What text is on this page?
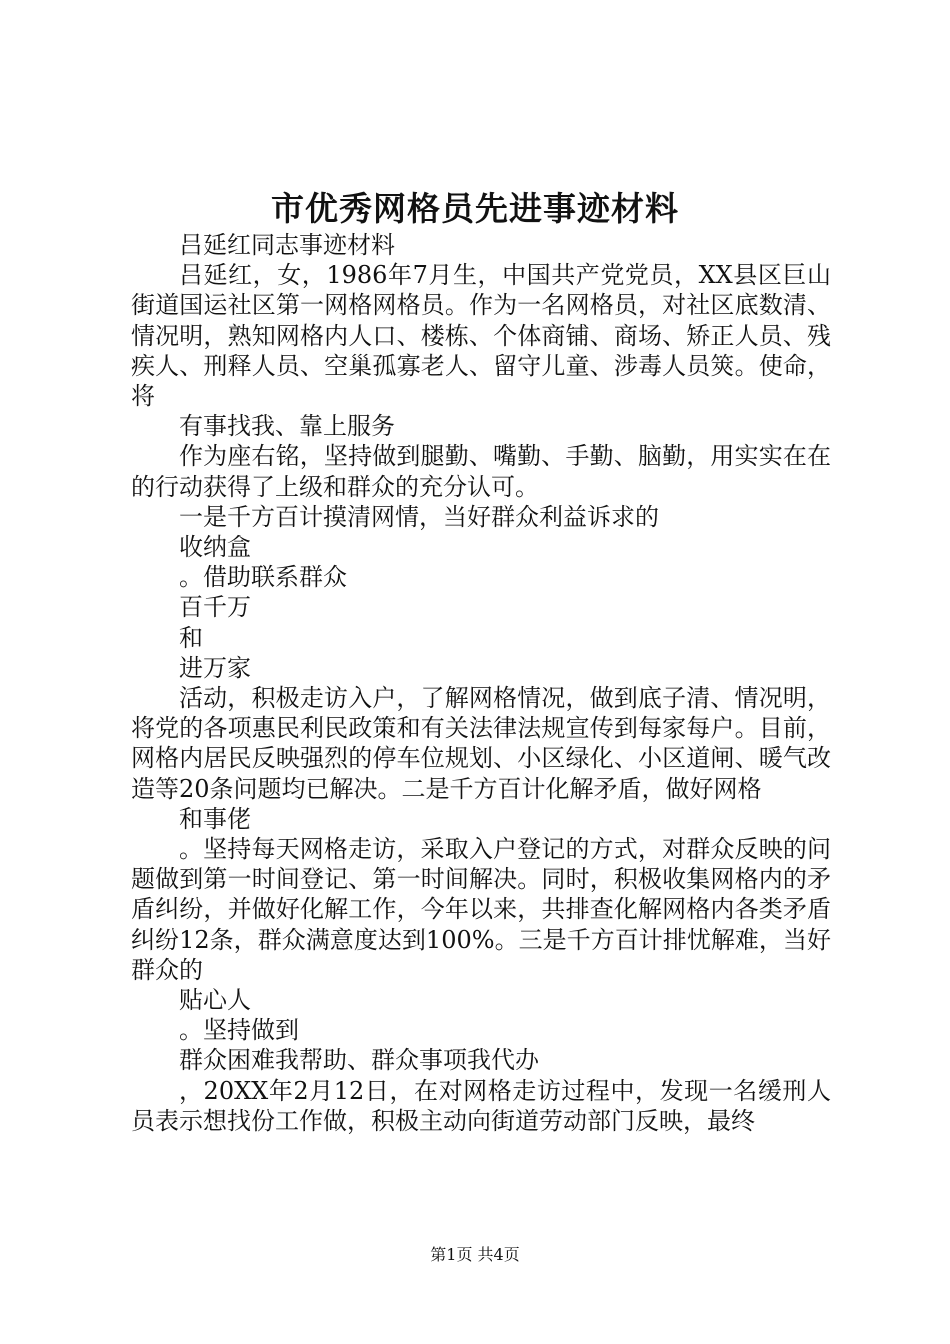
市优秀网格员先进事迹材料

吕延红同志事迹材料

吕延红，女，1986年7月生，中国共产党党员，XX县区巨山街道国运社区第一网格网格员。作为一名网格员，对社区底数清、情况明，熟知网格内人口、楼栋、个体商铺、商场、矫正人员、残疾人、刑释人员、空巢孤寡老人、留守儿童、涉毒人员筴。使命，将

有事找我、靠上服务

作为座右铭，坚持做到腿勤、嘴勤、手勤、脑勤，用实实在在的行动获得了上级和群众的充分认可。

一是千方百计摸清网情，当好群众利益诉求的

收纳盒

。借助联系群众

百千万

和

进万家

活动，积极走访入户，了解网格情况，做到底子清、情况明，将党的各项惠民利民政策和有关法律法规宣传到每家每户。目前，网格内居民反映强烈的停车位规划、小区绿化、小区道闸、暖气改造等20条问题均已解决。二是千方百计化解矛盾，做好网格

和事佬

。坚持每天网格走访，采取入户登记的方式，对群众反映的问题做到第一时间登记、第一时间解决。同时，积极收集网格内的矛盾纠纷，并做好化解工作，今年以来，共排查化解网格内各类矛盾纠纷12条，群众满意度达到100%。三是千方百计排忧解难，当好群众的

贴心人

。坚持做到

群众困难我帮助、群众事项我代办

，20XX年2月12日，在对网格走访过程中，发现一名缓刑人员表示想找份工作做，积极主动向街道劳动部门反映，最终

第1页 共4页
